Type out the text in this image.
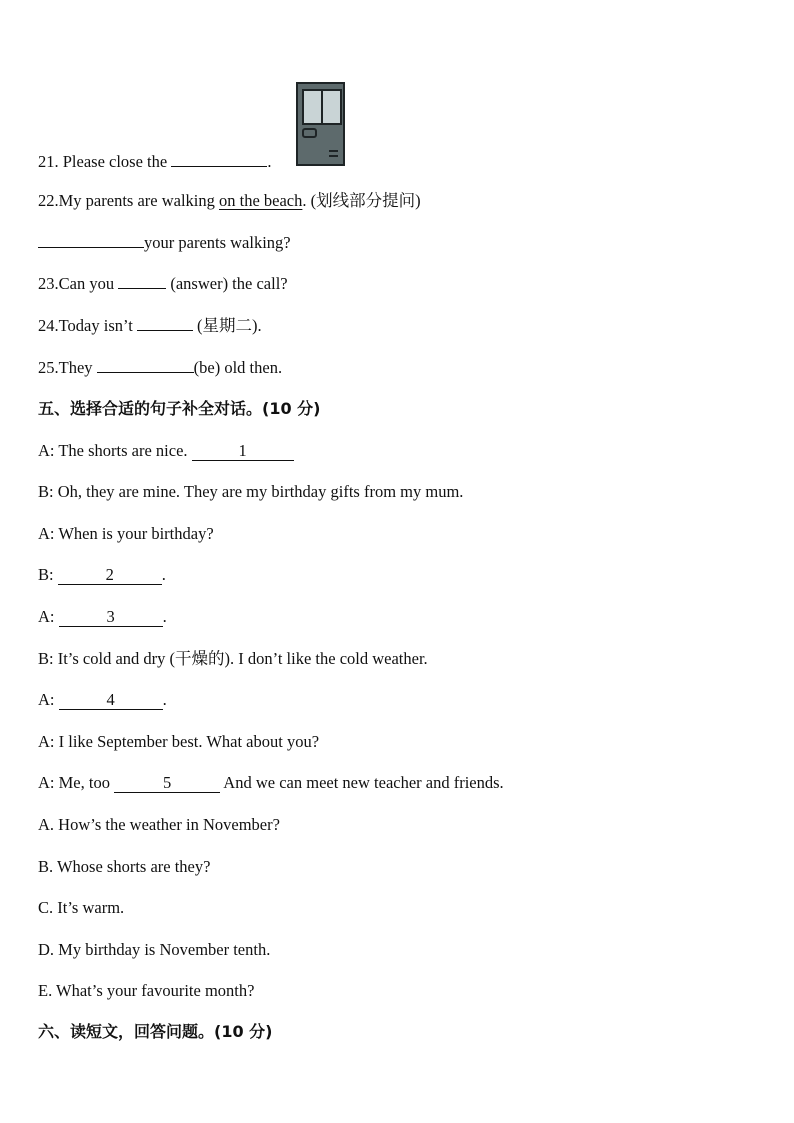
21. Please close the	.
22.My parents are walking on the beach. (划线部分提问)
your parents walking?
23.Can you	(answer) the call?
24.Today isn’t	(星期二).
25.They	(be) old then.
五、选择合适的句子补全对话。(10 分)
A: The shorts are nice.	1
B: Oh, they are mine. They are my birthday gifts from my mum.
A: When is your birthday?
B:	2	.
A:	3	.
B: It’s cold and dry (干燥的). I don’t like the cold weather.
A:	4	.
A: I like September best. What about you?
A: Me, too	5	And we can meet new teacher and friends.
A. How’s the weather in November?
B. Whose shorts are they?
C. It’s warm.
D. My birthday is November tenth.
E. What’s your favourite month?
六、读短文，回答问题。(10 分)
